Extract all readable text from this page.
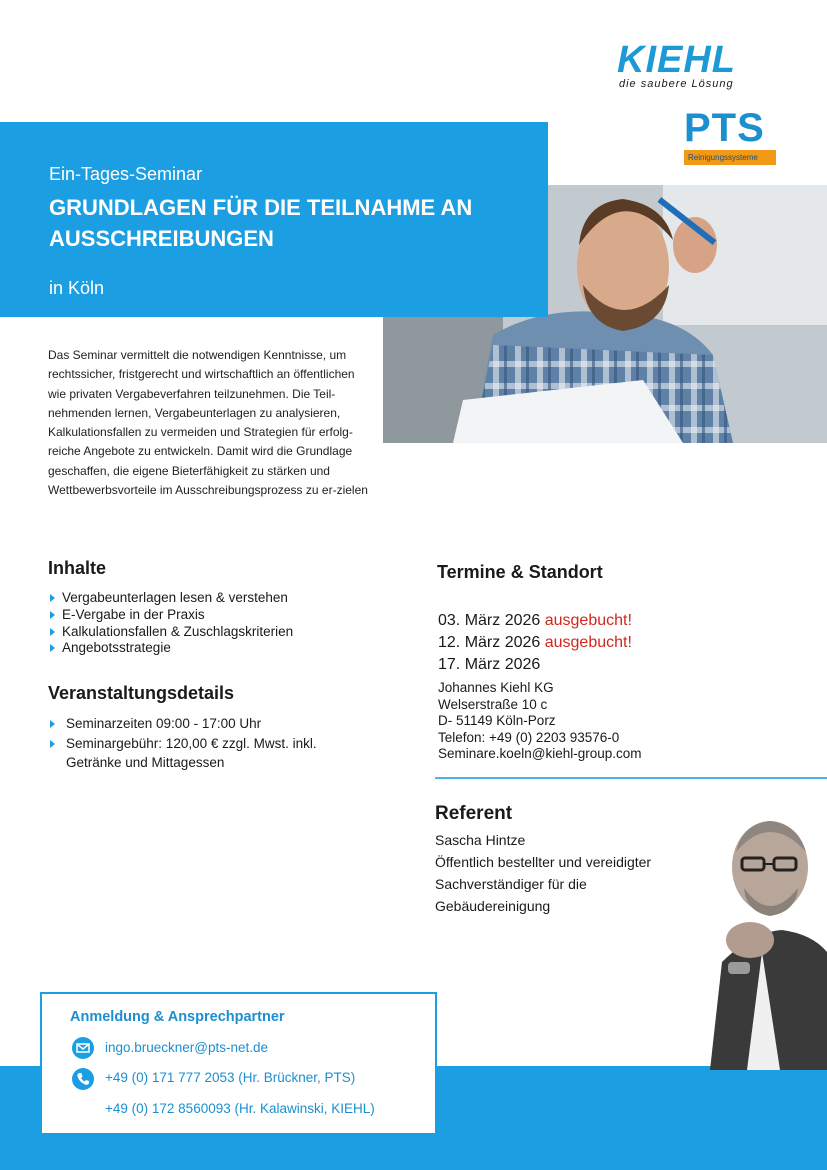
KIEHL
die saubere Lösung
PTS
Reinigungssysteme
Ein-Tages-Seminar
GRUNDLAGEN FÜR DIE TEILNAHME AN AUSSCHREIBUNGEN
in Köln

Das Seminar vermittelt die notwendigen Kenntnisse, um rechtssicher, fristgerecht und wirtschaftlich an öffentlichen wie privaten Vergabeverfahren teilzunehmen. Die Teil-nehmenden lernen, Vergabeunterlagen zu analysieren, Kalkulationsfallen zu vermeiden und Strategien für erfolg-reiche Angebote zu entwickeln. Damit wird die Grundlage geschaffen, die eigene Bieterfähigkeit zu stärken und Wettbewerbsvorteile im Ausschreibungsprozess zu er-zielen

Inhalte
Vergabeunterlagen lesen & verstehen
E-Vergabe in der Praxis
Kalkulationsfallen & Zuschlagskriterien
Angebotsstrategie
Veranstaltungsdetails
Seminarzeiten 09:00 - 17:00 Uhr
Seminargebühr: 120,00 € zzgl. Mwst. inkl. Getränke und Mittagessen
Termine & Standort
03. März 2026 ausgebucht!
12. März 2026 ausgebucht!
17. März 2026
Johannes Kiehl KG
Welserstraße 10 c
D- 51149 Köln-Porz
Telefon: +49 (0) 2203 93576-0
Seminare.koeln@kiehl-group.com
Referent
Sascha Hintze
Öffentlich bestellter und vereidigter
Sachverständiger für die
Gebäudereinigung
Anmeldung & Ansprechpartner
ingo.brueckner@pts-net.de
+49 (0) 171 777 2053 (Hr. Brückner, PTS)
+49 (0) 172 8560093 (Hr. Kalawinski, KIEHL)
